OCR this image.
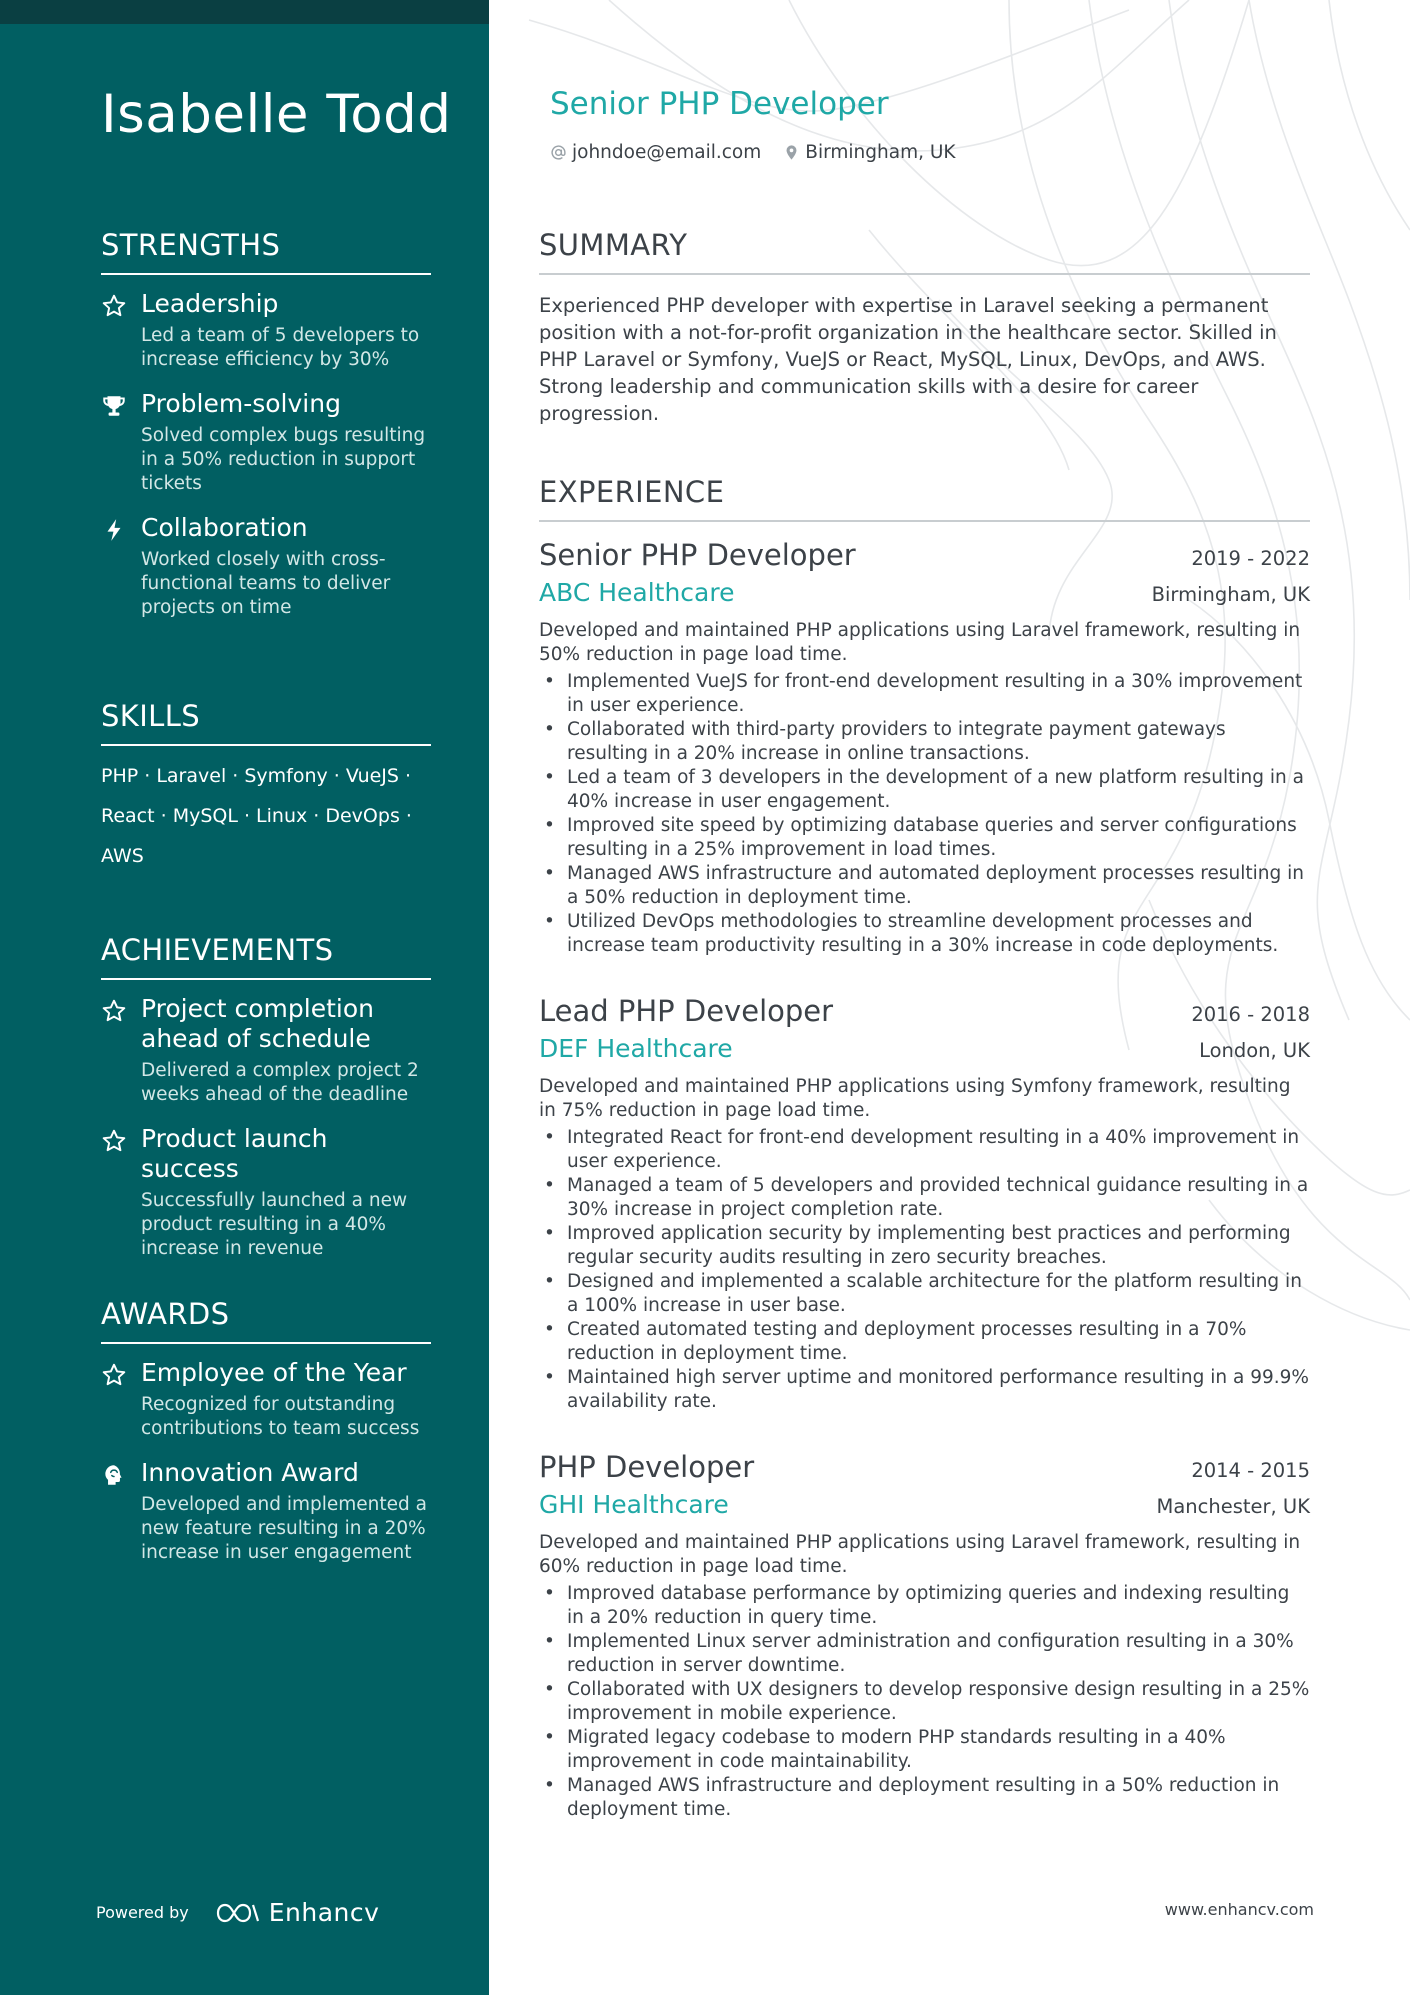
Isabelle Todd
STRENGTHS
Leadership
Led a team of 5 developers to increase efficiency by 30%
Problem-solving
Solved complex bugs resulting in a 50% reduction in support tickets
Collaboration
Worked closely with cross-functional teams to deliver projects on time
SKILLS
PHP · Laravel · Symfony · VueJS · React · MySQL · Linux · DevOps · AWS
ACHIEVEMENTS
Project completion ahead of schedule
Delivered a complex project 2 weeks ahead of the deadline
Product launch success
Successfully launched a new product resulting in a 40% increase in revenue
AWARDS
Employee of the Year
Recognized for outstanding contributions to team success
Innovation Award
Developed and implemented a new feature resulting in a 20% increase in user engagement
Powered by	Enhancv
Senior PHP Developer
johndoe@email.com Birmingham, UK
SUMMARY
Experienced PHP developer with expertise in Laravel seeking a permanent position with a not-for-profit organization in the healthcare sector. Skilled in PHP Laravel or Symfony, VueJS or React, MySQL, Linux, DevOps, and AWS. Strong leadership and communication skills with a desire for career progression.
EXPERIENCE
Senior PHP Developer	2019 - 2022
ABC Healthcare	Birmingham, UK
Developed and maintained PHP applications using Laravel framework, resulting in 50% reduction in page load time.
• Implemented VueJS for front-end development resulting in a 30% improvement in user experience.
• Collaborated with third-party providers to integrate payment gateways resulting in a 20% increase in online transactions.
• Led a team of 3 developers in the development of a new platform resulting in a 40% increase in user engagement.
• Improved site speed by optimizing database queries and server configurations resulting in a 25% improvement in load times.
• Managed AWS infrastructure and automated deployment processes resulting in a 50% reduction in deployment time.
• Utilized DevOps methodologies to streamline development processes and increase team productivity resulting in a 30% increase in code deployments.
Lead PHP Developer	2016 - 2018
DEF Healthcare	London, UK
Developed and maintained PHP applications using Symfony framework, resulting in 75% reduction in page load time.
• Integrated React for front-end development resulting in a 40% improvement in user experience.
• Managed a team of 5 developers and provided technical guidance resulting in a 30% increase in project completion rate.
• Improved application security by implementing best practices and performing regular security audits resulting in zero security breaches.
• Designed and implemented a scalable architecture for the platform resulting in a 100% increase in user base.
• Created automated testing and deployment processes resulting in a 70% reduction in deployment time.
• Maintained high server uptime and monitored performance resulting in a 99.9% availability rate.
PHP Developer	2014 - 2015
GHI Healthcare	Manchester, UK
Developed and maintained PHP applications using Laravel framework, resulting in 60% reduction in page load time.
• Improved database performance by optimizing queries and indexing resulting in a 20% reduction in query time.
• Implemented Linux server administration and configuration resulting in a 30% reduction in server downtime.
• Collaborated with UX designers to develop responsive design resulting in a 25% improvement in mobile experience.
• Migrated legacy codebase to modern PHP standards resulting in a 40% improvement in code maintainability.
• Managed AWS infrastructure and deployment resulting in a 50% reduction in deployment time.
www.enhancv.com
